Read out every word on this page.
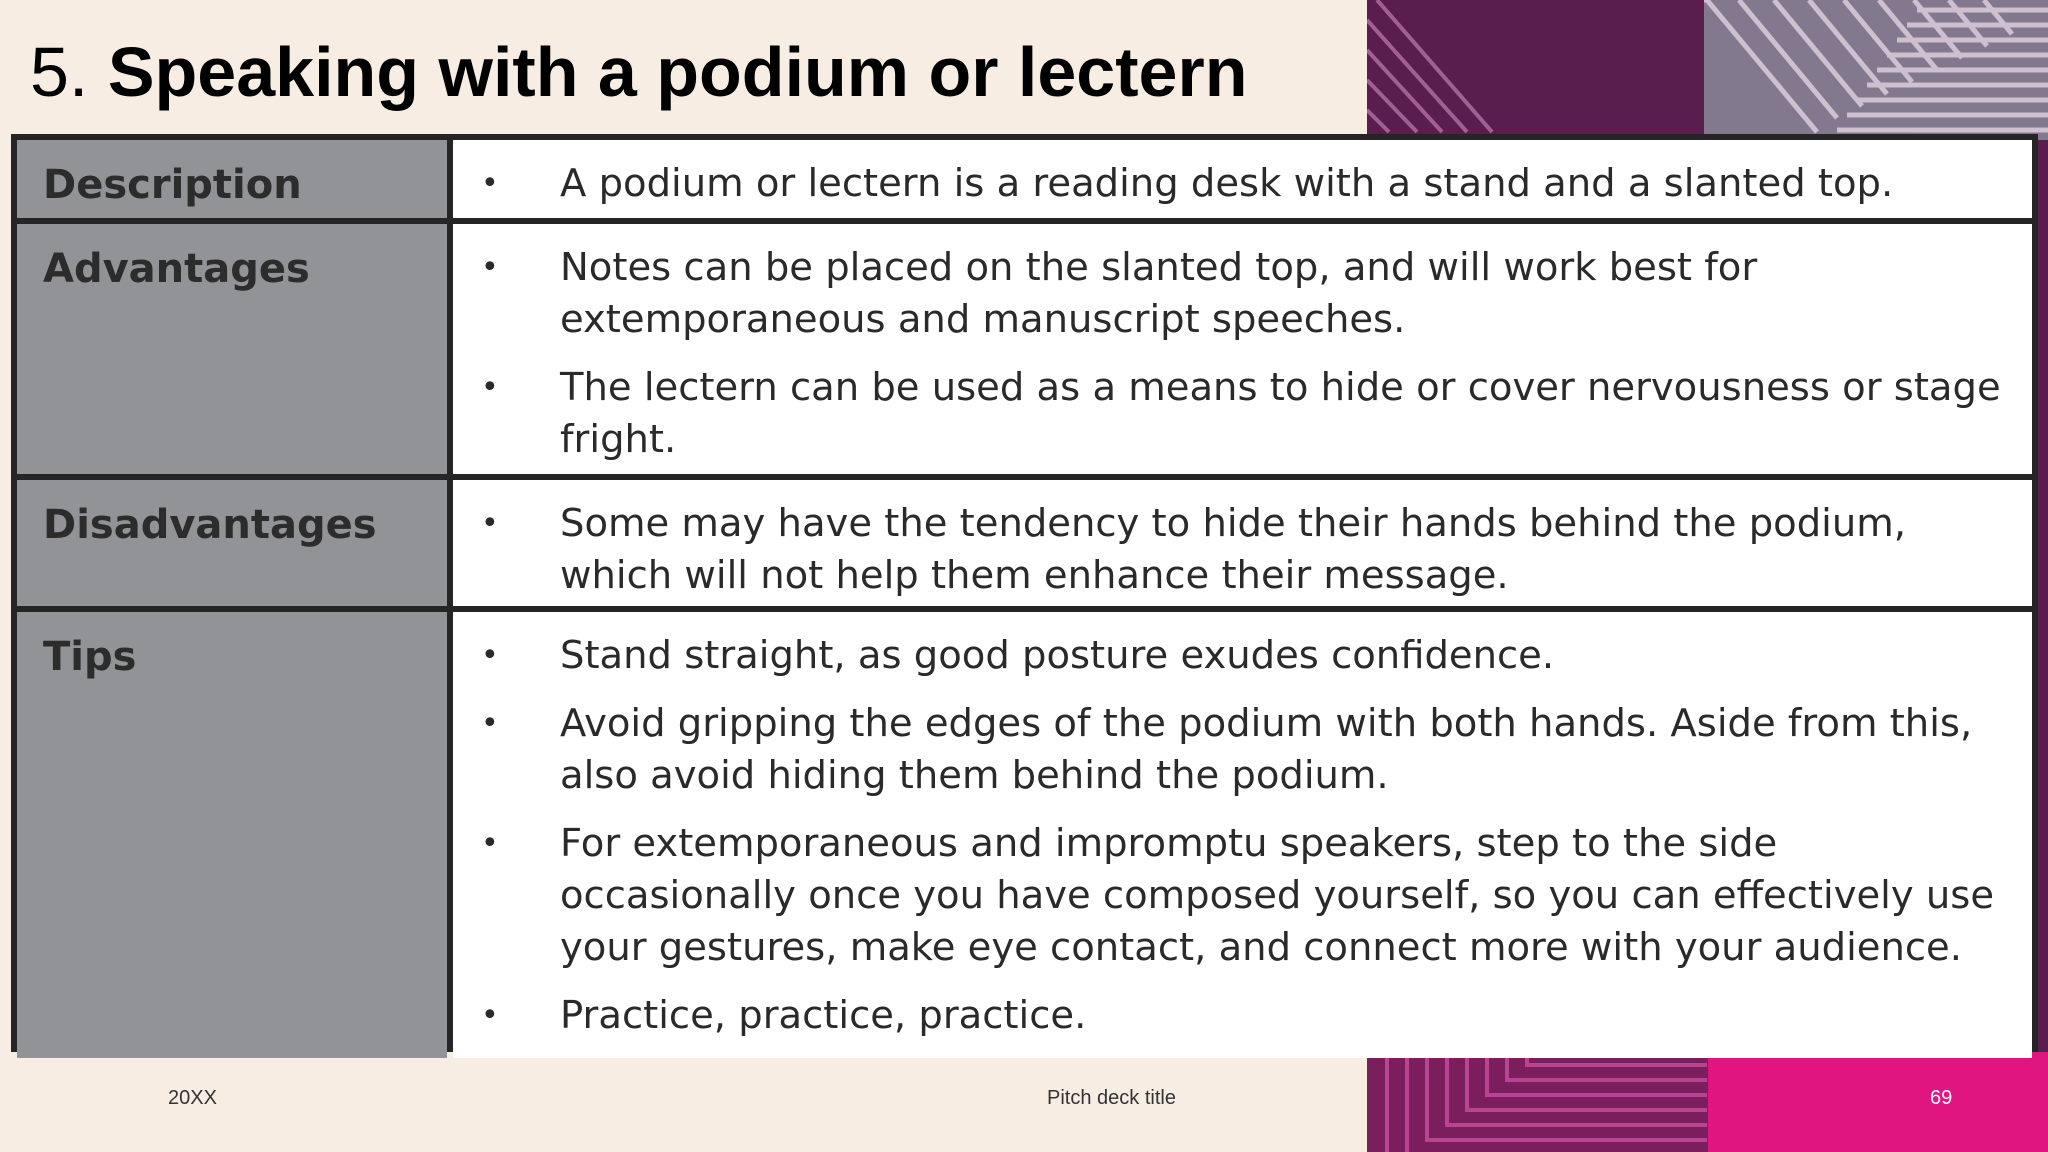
5. Speaking with a podium or lectern
Description	• A podium or lectern is a reading desk with a stand and a slanted top.
Advantages	• Notes can be placed on the slanted top, and will work best for extemporaneous and manuscript speeches.
• The lectern can be used as a means to hide or cover nervousness or stage fright.
Disadvantages	• Some may have the tendency to hide their hands behind the podium, which will not help them enhance their message.
Tips	• Stand straight, as good posture exudes confidence.
• Avoid gripping the edges of the podium with both hands. Aside from this, also avoid hiding them behind the podium.
• For extemporaneous and impromptu speakers, step to the side occasionally once you have composed yourself, so you can effectively use your gestures, make eye contact, and connect more with your audience.
• Practice, practice, practice.
20XX	Pitch deck title	69
